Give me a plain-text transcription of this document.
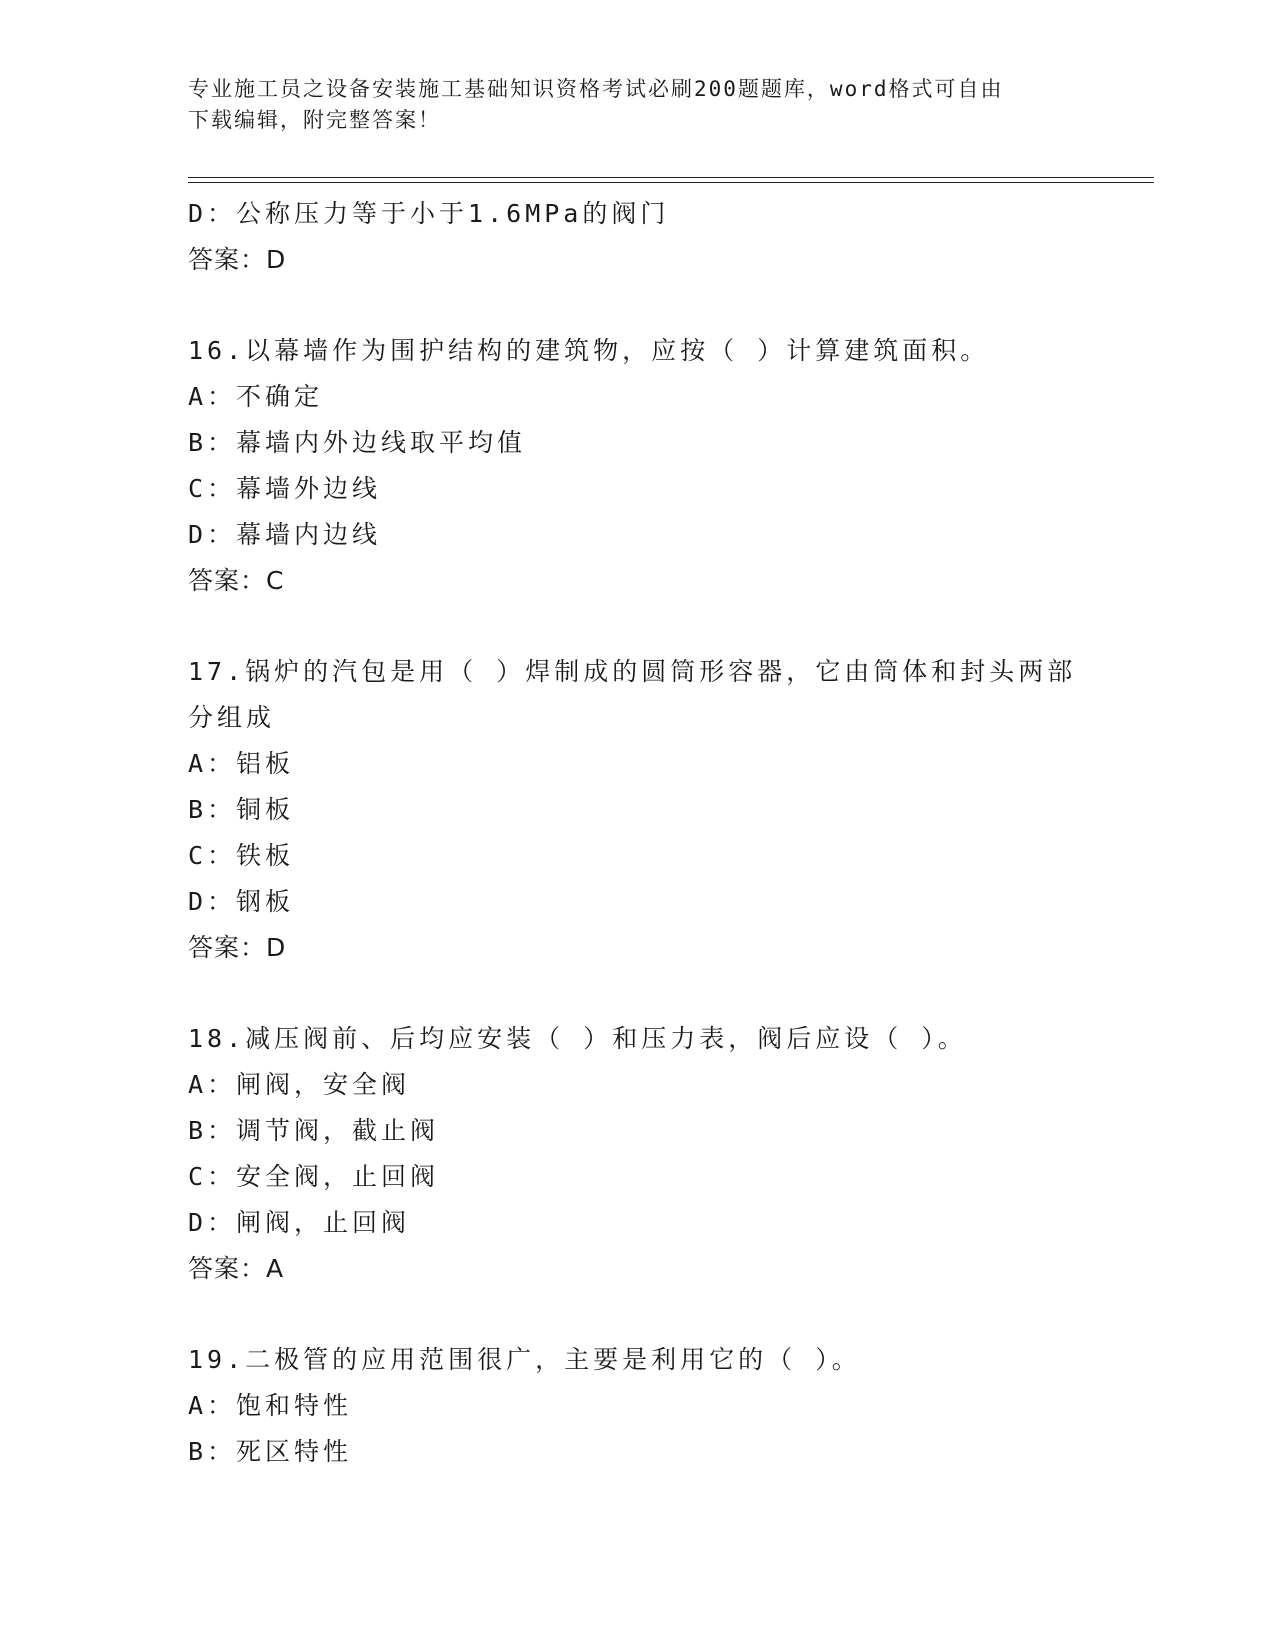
专业施工员之设备安装施工基础知识资格考试必刷200题题库，word格式可自由
下载编辑，附完整答案！

D：公称压力等于小于1.6MPa的阀门

答案：D

16.以幕墙作为围护结构的建筑物，应按（ ）计算建筑面积。

A：不确定

B：幕墙内外边线取平均值

C：幕墙外边线

D：幕墙内边线

答案：C

17.锅炉的汽包是用（ ）焊制成的圆筒形容器，它由筒体和封头两部

分组成

A：铝板

B：铜板

C：铁板

D：钢板

答案：D

18.减压阀前、后均应安装（ ）和压力表，阀后应设（ ）。

A：闸阀，安全阀

B：调节阀，截止阀

C：安全阀，止回阀

D：闸阀，止回阀

答案：A

19.二极管的应用范围很广，主要是利用它的（ ）。

A：饱和特性

B：死区特性
